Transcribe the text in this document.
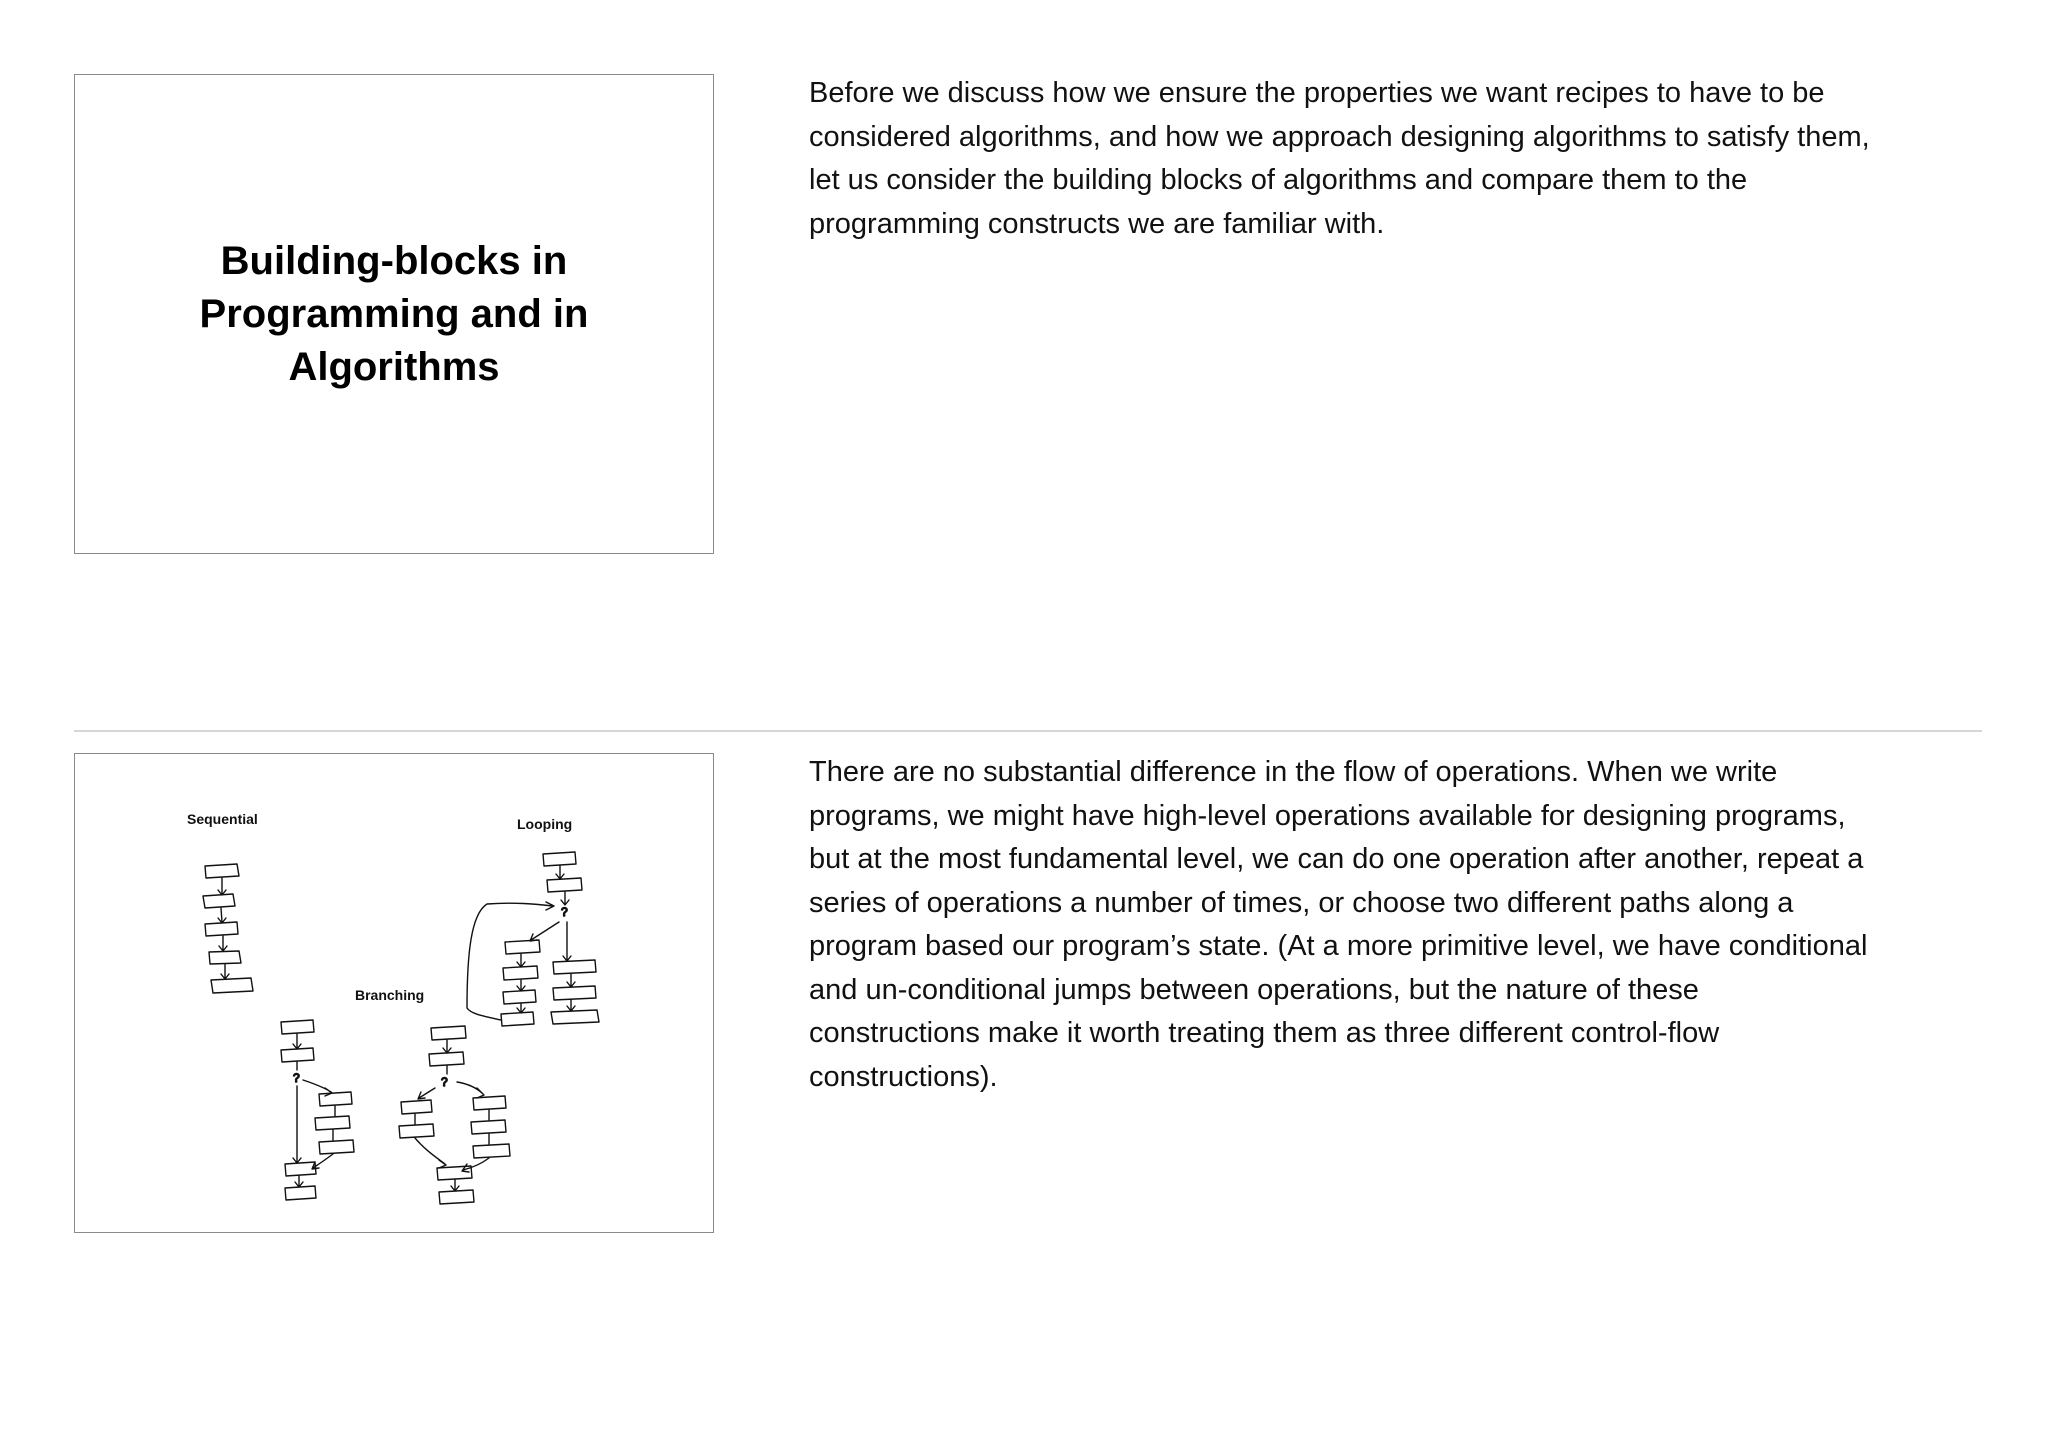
Building-blocks in
Programming and in
Algorithms
Before we discuss how we ensure the properties we want recipes to have to be
considered algorithms, and how we approach designing algorithms to satisfy them,
let us consider the building blocks of algorithms and compare them to the
programming constructs we are familiar with.
Sequential	Looping
Branching
?
?	?
There are no substantial difference in the flow of operations. When we write
programs, we might have high-level operations available for designing programs,
but at the most fundamental level, we can do one operation after another, repeat a
series of operations a number of times, or choose two different paths along a
program based our program’s state. (At a more primitive level, we have conditional
and un-conditional jumps between operations, but the nature of these
constructions make it worth treating them as three different control-flow
constructions).
